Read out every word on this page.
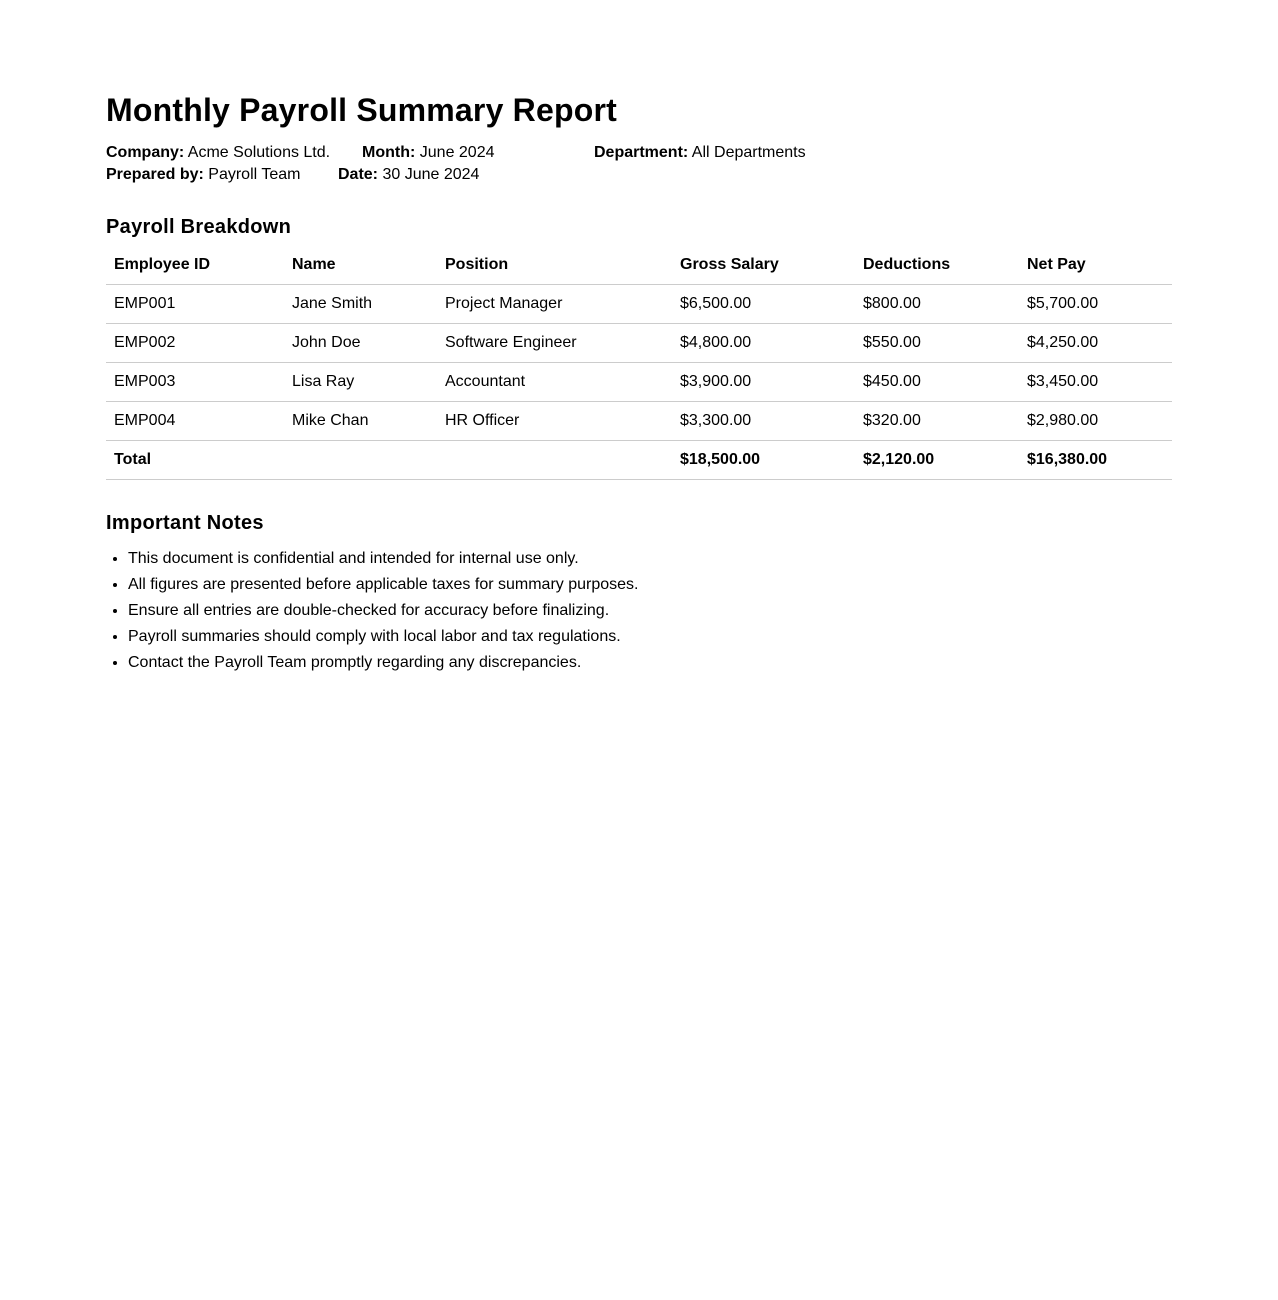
Monthly Payroll Summary Report
Company: Acme Solutions Ltd. Month: June 2024	Department: All Departments
Prepared by: Payroll Team Date: 30 June 2024
Payroll Breakdown
Employee ID	Name	Position	Gross Salary	Deductions	Net Pay
EMP001	Jane Smith	Project Manager	$6,500.00	$800.00	$5,700.00
EMP002	John Doe	Software Engineer	$4,800.00	$550.00	$4,250.00
EMP003	Lisa Ray	Accountant	$3,900.00	$450.00	$3,450.00
EMP004	Mike Chan	HR Officer	$3,300.00	$320.00	$2,980.00
Total			$18,500.00	$2,120.00	$16,380.00
Important Notes
• This document is confidential and intended for internal use only.
• All figures are presented before applicable taxes for summary purposes.
• Ensure all entries are double-checked for accuracy before finalizing.
• Payroll summaries should comply with local labor and tax regulations.
• Contact the Payroll Team promptly regarding any discrepancies.
